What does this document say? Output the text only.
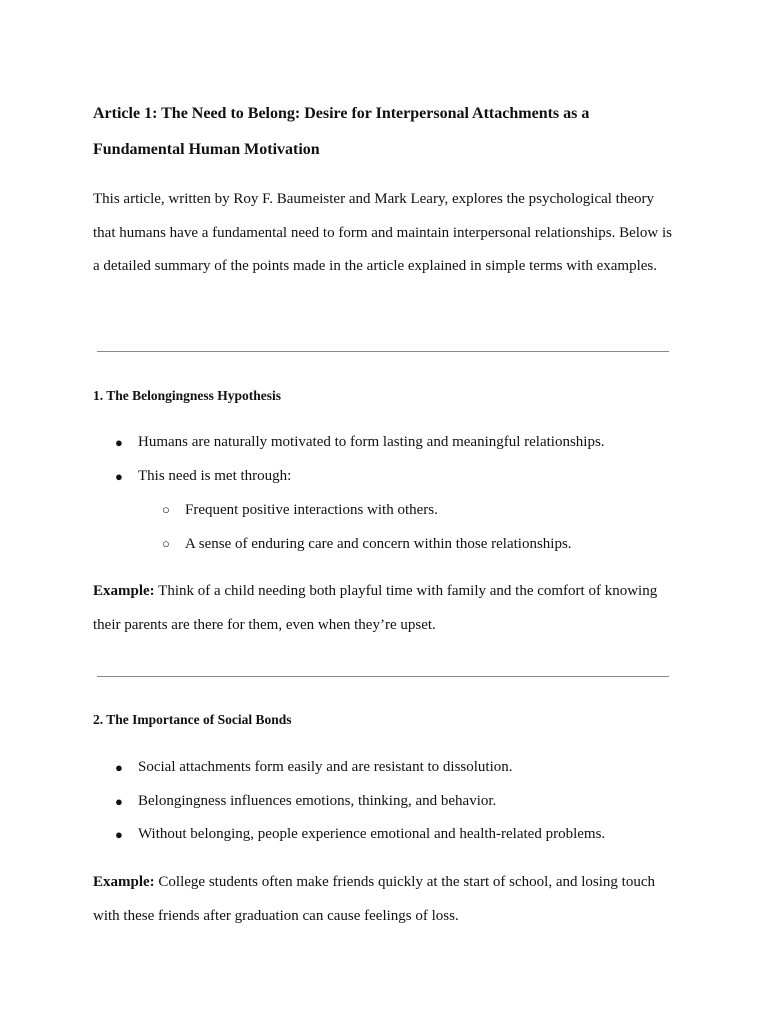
Article 1: The Need to Belong: Desire for Interpersonal Attachments as a Fundamental Human Motivation

This article, written by Roy F. Baumeister and Mark Leary, explores the psychological theory that humans have a fundamental need to form and maintain interpersonal relationships. Below is a detailed summary of the points made in the article explained in simple terms with examples.

1. The Belongingness Hypothesis
● Humans are naturally motivated to form lasting and meaningful relationships.
● This need is met through:
○ Frequent positive interactions with others.
○ A sense of enduring care and concern within those relationships.

Example: Think of a child needing both playful time with family and the comfort of knowing their parents are there for them, even when they’re upset.

2. The Importance of Social Bonds
● Social attachments form easily and are resistant to dissolution.
● Belongingness influences emotions, thinking, and behavior.
● Without belonging, people experience emotional and health-related problems.

Example: College students often make friends quickly at the start of school, and losing touch with these friends after graduation can cause feelings of loss.
